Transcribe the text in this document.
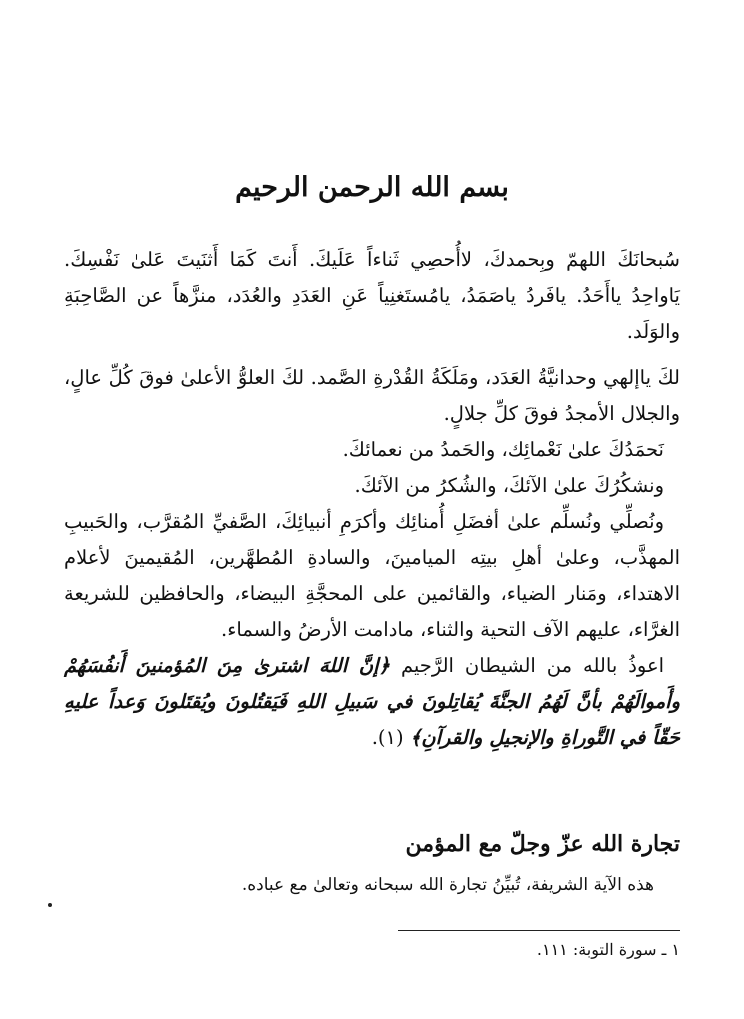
بسم الله الرحمن الرحيم

سُبحانَكَ اللهمّ وبِحمدكَ، لاأُحصِي ثَناءاً عَلَيكَ. أَنتَ كَمَا أَثنَيتَ عَلىٰ نَفْسِكَ. يَاواحِدُ ياأَحَدُ. يافَردُ ياصَمَدُ، يامُستَغنِياً عَنِ العَدَدِ والعُدَد، منزَّهاً عن الصَّاحِبَةِ والوَلَد.

لكَ ياإلهي وحدانيَّةُ العَدَد، ومَلَكَةُ القُدْرةِ الصَّمد. لكَ العلوُّ الأعلىٰ فوقَ كُلِّ عالٍ، والجلال الأمجدُ فوقَ كلِّ جلالٍ.

نَحمَدُكَ علىٰ نَعْمائِك، والحَمدُ من نعمائكَ.

ونشكُرُكَ علىٰ الآئكَ، والشُكرُ من الآئكَ.

ونُصلِّي ونُسلِّم علىٰ أفضَلِ أُمنائِك وأكرَمِ أنبيائِكَ، الصَّفيِّ المُقرَّب، والحَبيبِ المهذَّب، وعلىٰ أهلِ بيتِه الميامينَ، والسادةِ المُطهَّرين، المُقيمينَ لأعلام الاهتداء، ومَنار الضياء، والقائمين على المحجَّةِ البيضاء، والحافظين للشريعة الغرَّاء، عليهم الآف التحية والثناء، مادامت الأرضُ والسماء.

اعوذُ بالله من الشيطان الرَّجيم ﴿إنَّ اللهَ اشترىٰ مِنَ المُؤمنينَ أَنفُسَهُمْ وأَموالَهُمْ بأنَّ لَهُمُ الجنَّةَ يُقاتِلونَ في سَبيلِ اللهِ فَيَقتُلونَ ويُقتَلونَ وَعداً عليهِ حَقّاً في التَّوراةِ والإنجيلِ والقرآنِ﴾ (١).

تجارة الله عزّ وجلّ مع المؤمن
هذه الآية الشريفة، تُبيِّنُ تجارة الله سبحانه وتعالىٰ مع عباده.
١ ـ سورة التوبة: ١١١.
